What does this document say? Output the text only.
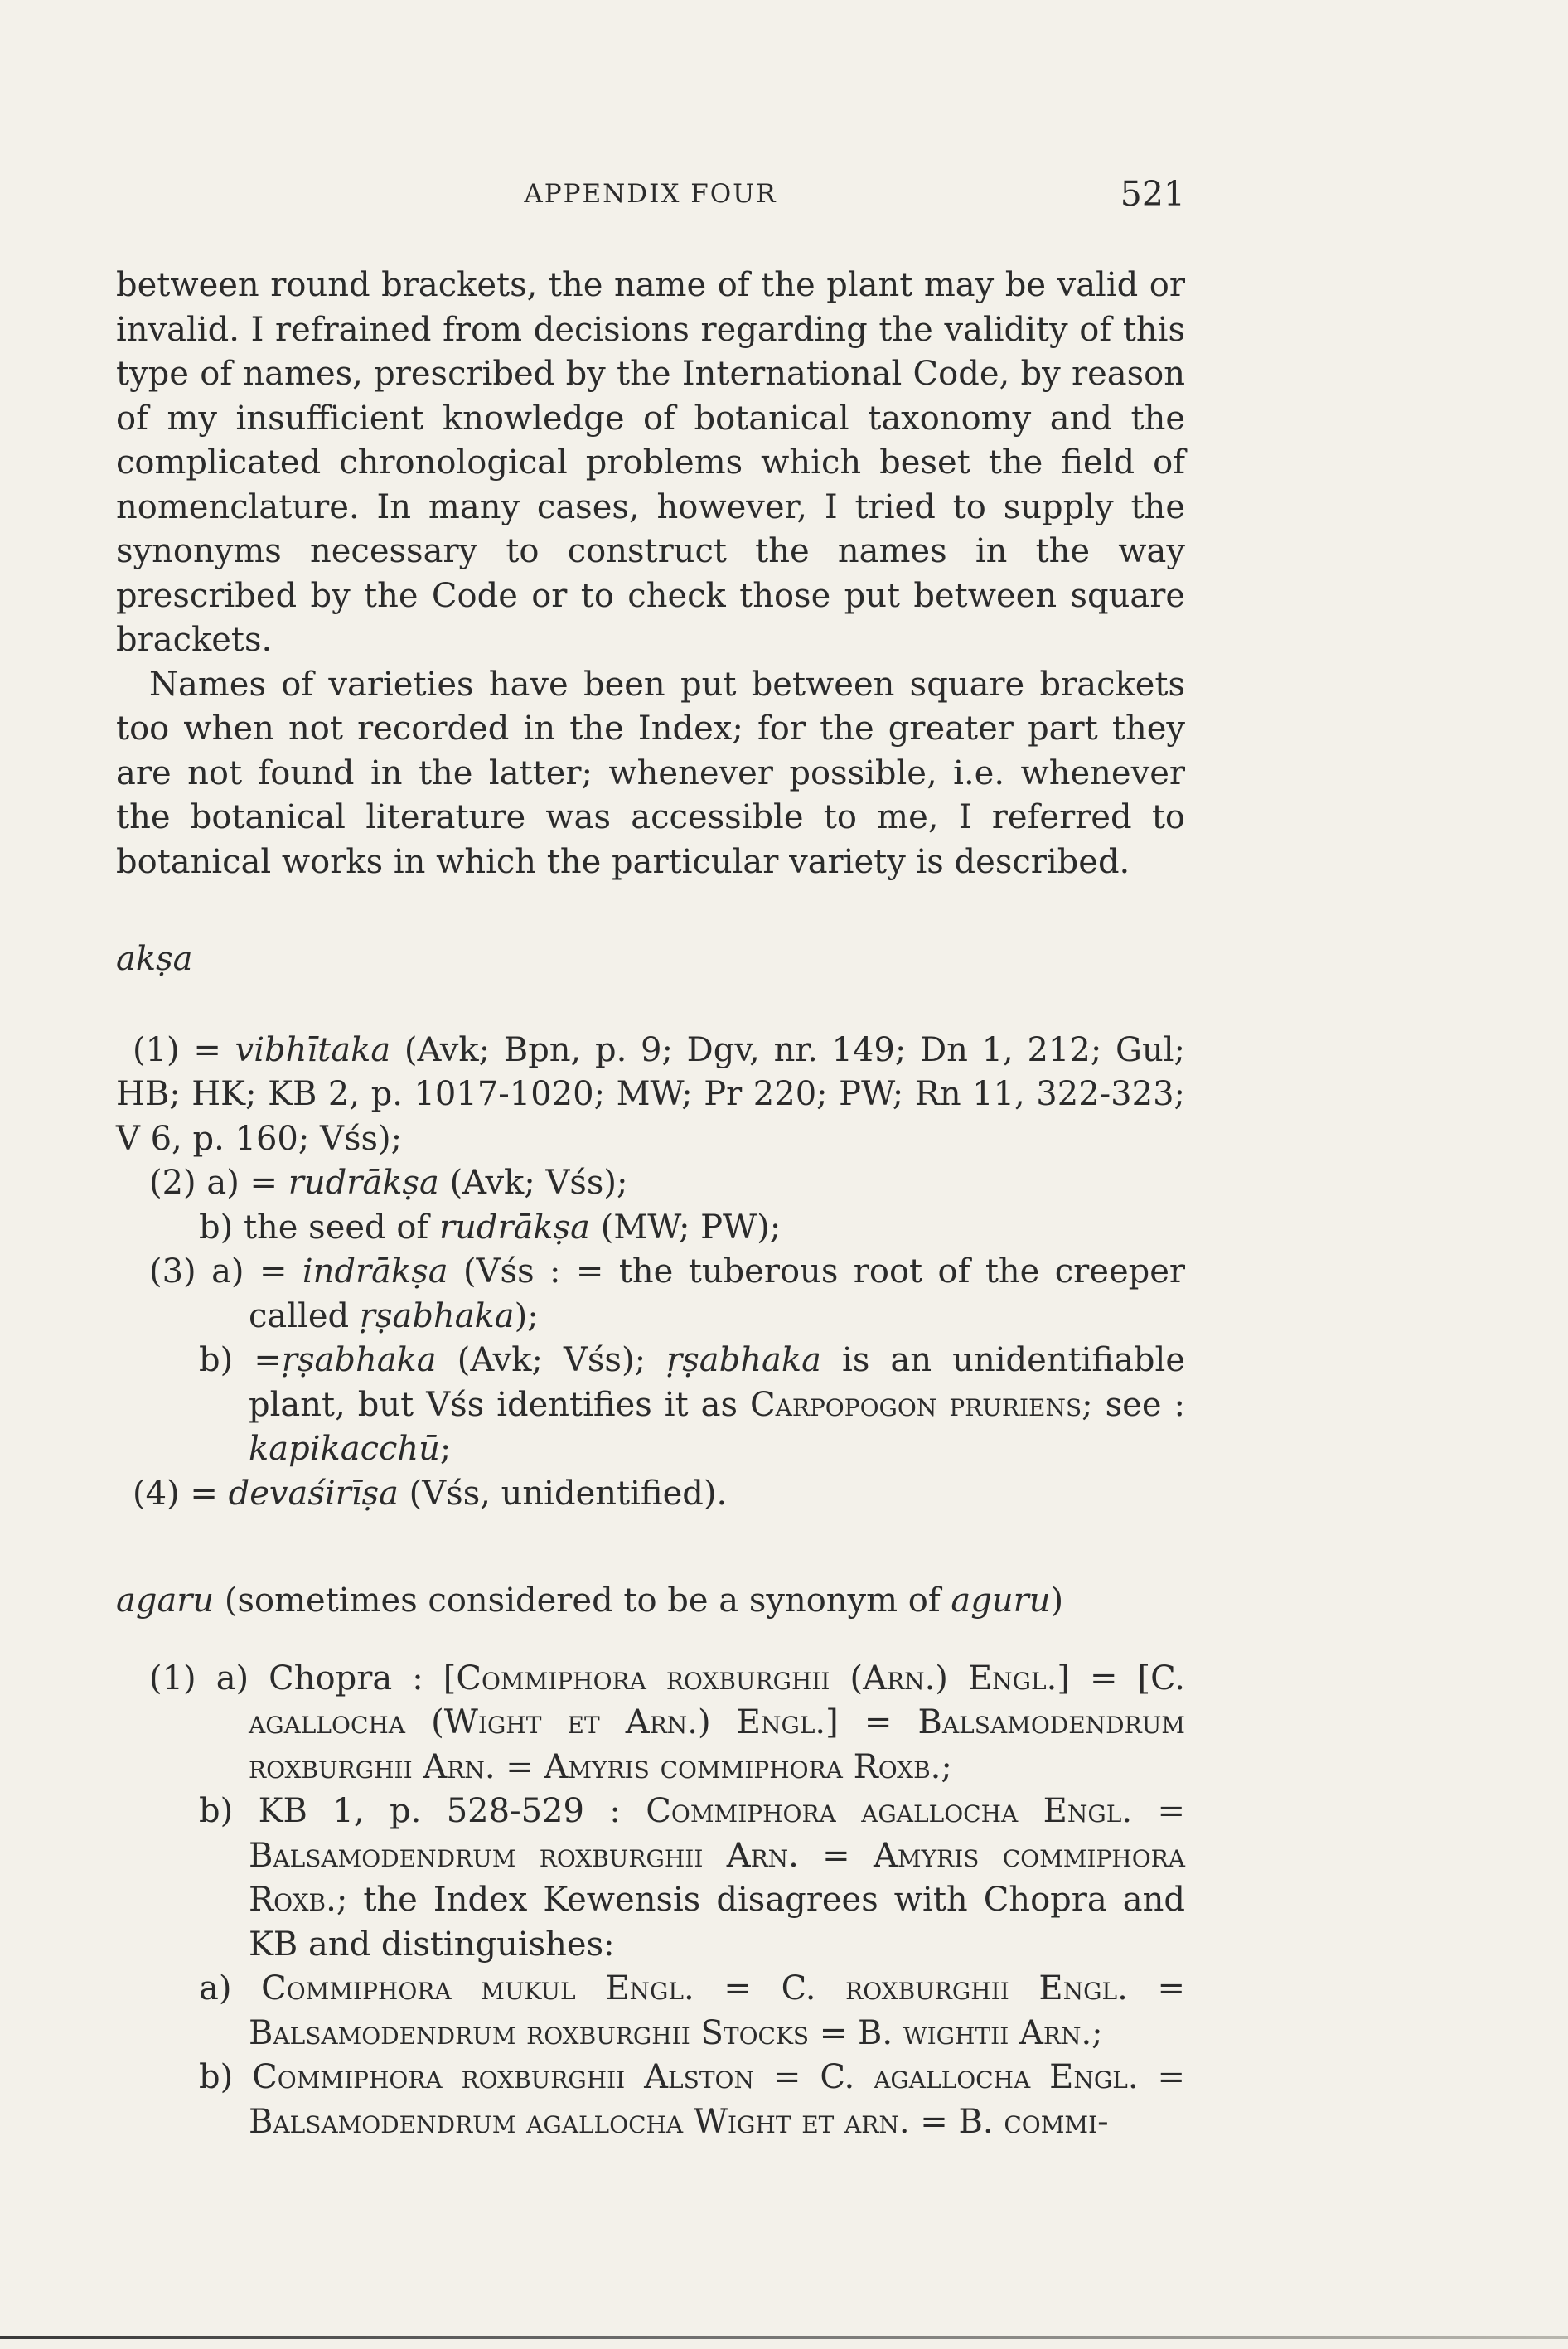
APPENDIX FOUR	521

between round brackets, the name of the plant may be valid or invalid. I refrained from decisions regarding the validity of this type of names, prescribed by the International Code, by reason of my insufficient knowledge of botanical taxonomy and the complicated chronological problems which beset the field of nomenclature. In many cases, however, I tried to supply the synonyms necessary to construct the names in the way prescribed by the Code or to check those put between square brackets.

Names of varieties have been put between square brackets too when not recorded in the Index; for the greater part they are not found in the latter; whenever possible, i.e. whenever the botanical literature was accessible to me, I referred to botanical works in which the particular variety is described.

akṣa

(1) = vibhītaka (Avk; Bpn, p. 9; Dgv, nr. 149; Dn 1, 212; Gul; HB; HK; KB 2, p. 1017-1020; MW; Pr 220; PW; Rn 11, 322-323; V 6, p. 160; Vśs);

(2) a) = rudrākṣa (Avk; Vśs);

b) the seed of rudrākṣa (MW; PW);

(3) a) = indrākṣa (Vśs : = the tuberous root of the creeper called ṛṣabhaka);

b) =ṛṣabhaka (Avk; Vśs); ṛṣabhaka is an unidentifiable plant, but Vśs identifies it as Carpopogon pruriens; see : kapikacchū;

(4) = devaśirīṣa (Vśs, unidentified).

agaru (sometimes considered to be a synonym of aguru)

(1) a) Chopra : [Commiphora roxburghii (Arn.) Engl.] = [C. agallocha (Wight et Arn.) Engl.] = Balsamodendrum roxburghii Arn. = Amyris commiphora Roxb.;

b) KB 1, p. 528-529 : Commiphora agallocha Engl. = Balsamodendrum roxburghii Arn. = Amyris commiphora Roxb.; the Index Kewensis disagrees with Chopra and KB and distinguishes:

a) Commiphora mukul Engl. = C. roxburghii Engl. = Balsamodendrum roxburghii Stocks = B. wightii Arn.;

b) Commiphora roxburghii Alston = C. agallocha Engl. = Balsamodendrum agallocha Wight et arn. = B. commi-
